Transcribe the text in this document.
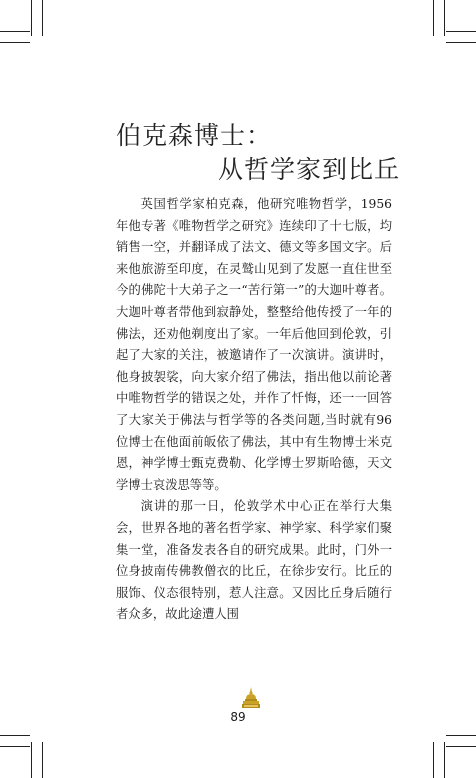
伯克森博士：
从哲学家到比丘

英国哲学家柏克森，他研究唯物哲学，1956年他专著《唯物哲学之研究》连续印了十七版，均销售一空，并翻译成了法文、德文等多国文字。后来他旅游至印度，在灵鹫山见到了发愿一直住世至今的佛陀十大弟子之一“苦行第一”的大迦叶尊者。大迦叶尊者带他到寂静处，整整给他传授了一年的佛法，还劝他剃度出了家。一年后他回到伦敦，引起了大家的关注，被邀请作了一次演讲。演讲时，他身披袈裟，向大家介绍了佛法，指出他以前论著中唯物哲学的错误之处，并作了忏悔，还一一回答了大家关于佛法与哲学等的各类问题,当时就有96位博士在他面前皈依了佛法，其中有生物博士米克恩，神学博士甄克费勒、化学博士罗斯哈德，天文学博士哀泼思等等。

演讲的那一日，伦敦学术中心正在举行大集会，世界各地的著名哲学家、神学家、科学家们聚集一堂，准备发表各自的研究成果。此时，门外一位身披南传佛教僧衣的比丘，在徐步安行。比丘的服饰、仪态很特别，惹人注意。又因比丘身后随行者众多，故此途遭人围

89
